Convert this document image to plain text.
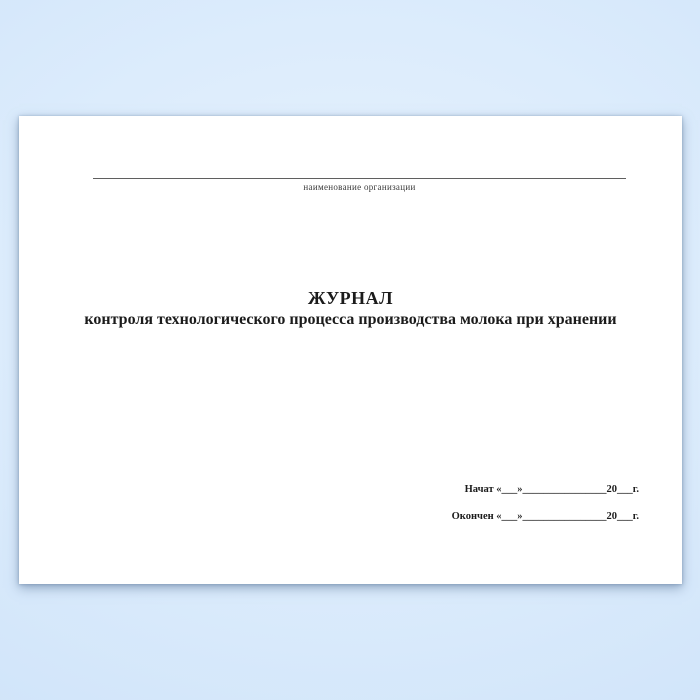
наименование организации
ЖУРНАЛ
контроля технологического процесса производства молока при хранении
Начат «___»________________20___г.
Окончен «___»________________20___г.
